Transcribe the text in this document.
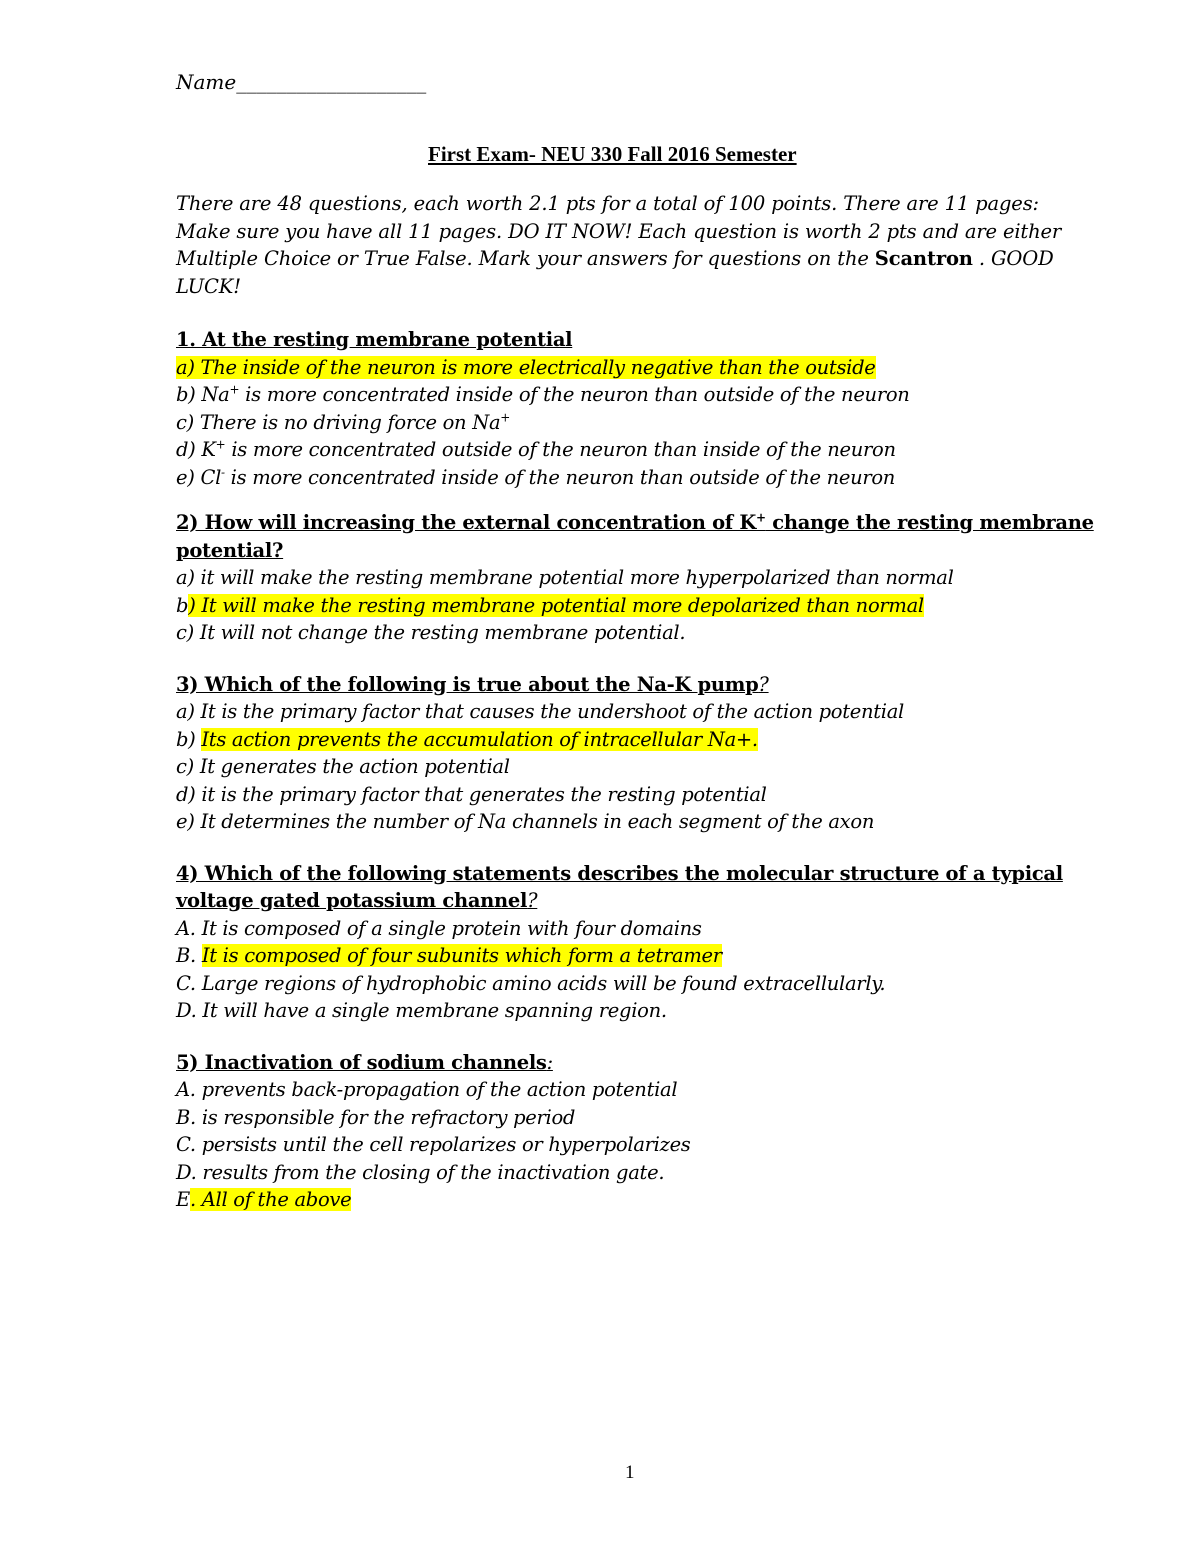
Name___________________
First Exam- NEU 330 Fall 2016 Semester
There are 48 questions, each worth 2.1 pts for a total of 100 points. There are 11 pages: Make sure you have all 11 pages. DO IT NOW! Each question is worth 2 pts and are either Multiple Choice or True False. Mark your answers for questions on the Scantron . GOOD LUCK!
1. At the resting membrane potential
a) The inside of the neuron is more electrically negative than the outside
b) Na+ is more concentrated inside of the neuron than outside of the neuron
c) There is no driving force on Na+
d) K+ is more concentrated outside of the neuron than inside of the neuron
e) Cl- is more concentrated inside of the neuron than outside of the neuron
2) How will increasing the external concentration of K+ change the resting membrane potential?
a) it will make the resting membrane potential more hyperpolarized than normal
b) It will make the resting membrane potential more depolarized than normal
c) It will not change the resting membrane potential.
3) Which of the following is true about the Na-K pump?
a) It is the primary factor that causes the undershoot of the action potential
b) Its action prevents the accumulation of intracellular Na+.
c) It generates the action potential
d) it is the primary factor that generates the resting potential
e) It determines the number of Na channels in each segment of the axon
4) Which of the following statements describes the molecular structure of a typical voltage gated potassium channel?
A. It is composed of a single protein with four domains
B. It is composed of four subunits which form a tetramer
C. Large regions of hydrophobic amino acids will be found extracellularly.
D. It will have a single membrane spanning region.
5) Inactivation of sodium channels:
A. prevents back-propagation of the action potential
B. is responsible for the refractory period
C. persists until the cell repolarizes or hyperpolarizes
D. results from the closing of the inactivation gate.
E. All of the above
1
